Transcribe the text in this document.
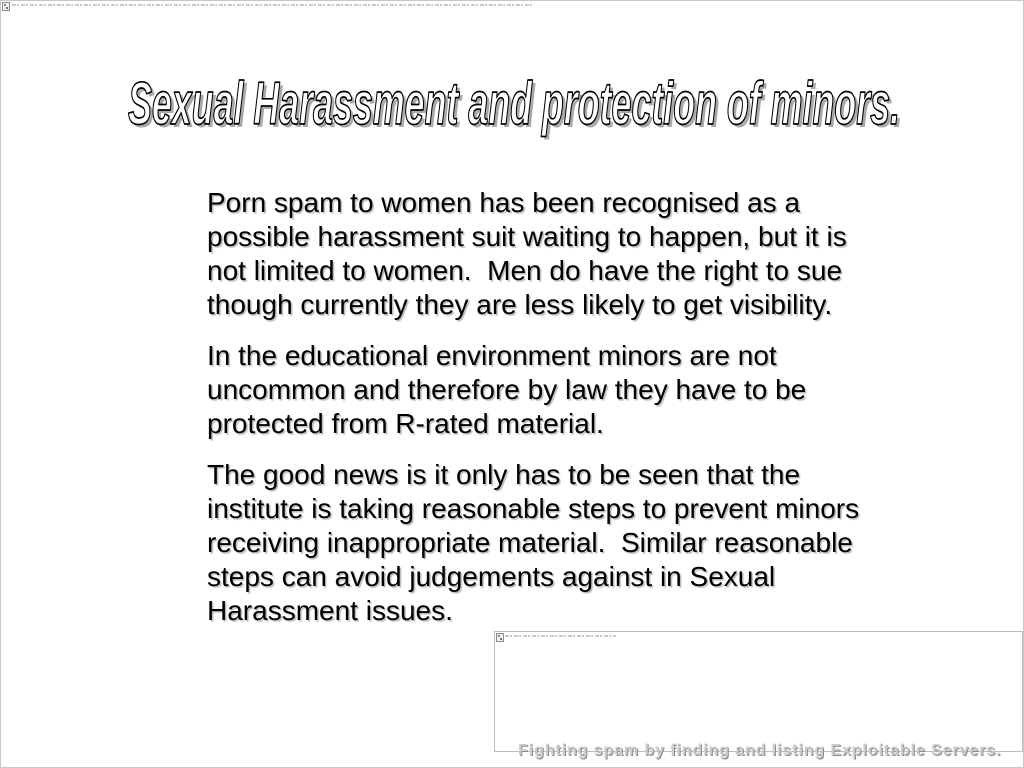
Sexual Harassment and protection of minors.
Sexual Harassment and protection of minors.
Porn spam to women has been recognised as a
possible harassment suit waiting to happen, but it is
not limited to women.  Men do have the right to sue
though currently they are less likely to get visibility.
In the educational environment minors are not
uncommon and therefore by law they have to be
protected from R-rated material.
The good news is it only has to be seen that the
institute is taking reasonable steps to prevent minors
receiving inappropriate material.  Similar reasonable
steps can avoid judgements against in Sexual
Harassment issues.
Fighting spam by finding and listing Exploitable Servers.
